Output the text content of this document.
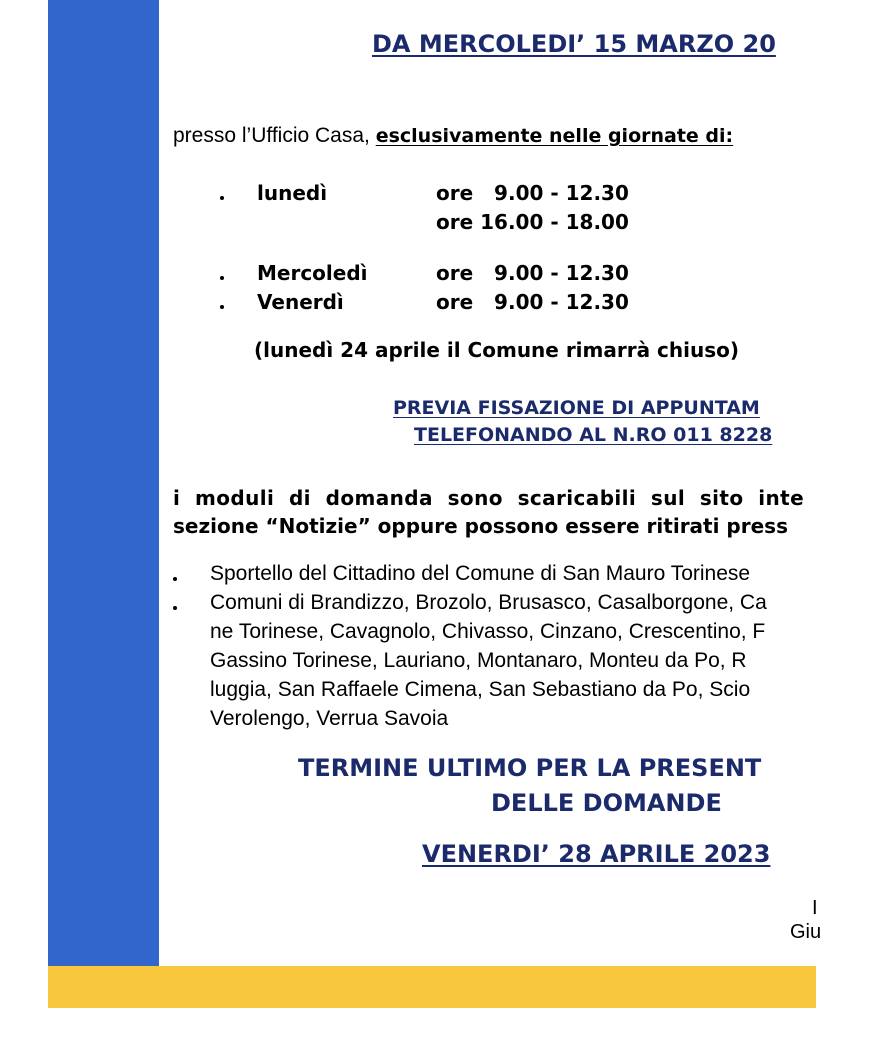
DA MERCOLEDI’ 15 MARZO 20
presso l’Ufficio Casa, esclusivamente nelle giornate di:
lunedì	ore   9.00 - 12.30
ore 16.00 - 18.00
Mercoledì	ore   9.00 - 12.30
Venerdì	ore   9.00 - 12.30
(lunedì 24 aprile il Comune rimarrà chiuso)
PREVIA FISSAZIONE DI APPUNTAM
TELEFONANDO AL N.RO 011 8228
i  moduli  di  domanda  sono  scaricabili  sul  sito  inte
sezione “Notizie” oppure possono essere ritirati press
Sportello del Cittadino del Comune di San Mauro Torinese
Comuni di Brandizzo, Brozolo, Brusasco, Casalborgone, Ca
ne Torinese, Cavagnolo, Chivasso, Cinzano, Crescentino, F
Gassino Torinese, Lauriano, Montanaro, Monteu da Po, R
luggia, San Raffaele Cimena, San Sebastiano da Po, Scio
Verolengo, Verrua Savoia
TERMINE ULTIMO PER LA PRESENT
DELLE DOMANDE
VENERDI’ 28 APRILE 2023
I
Giu
